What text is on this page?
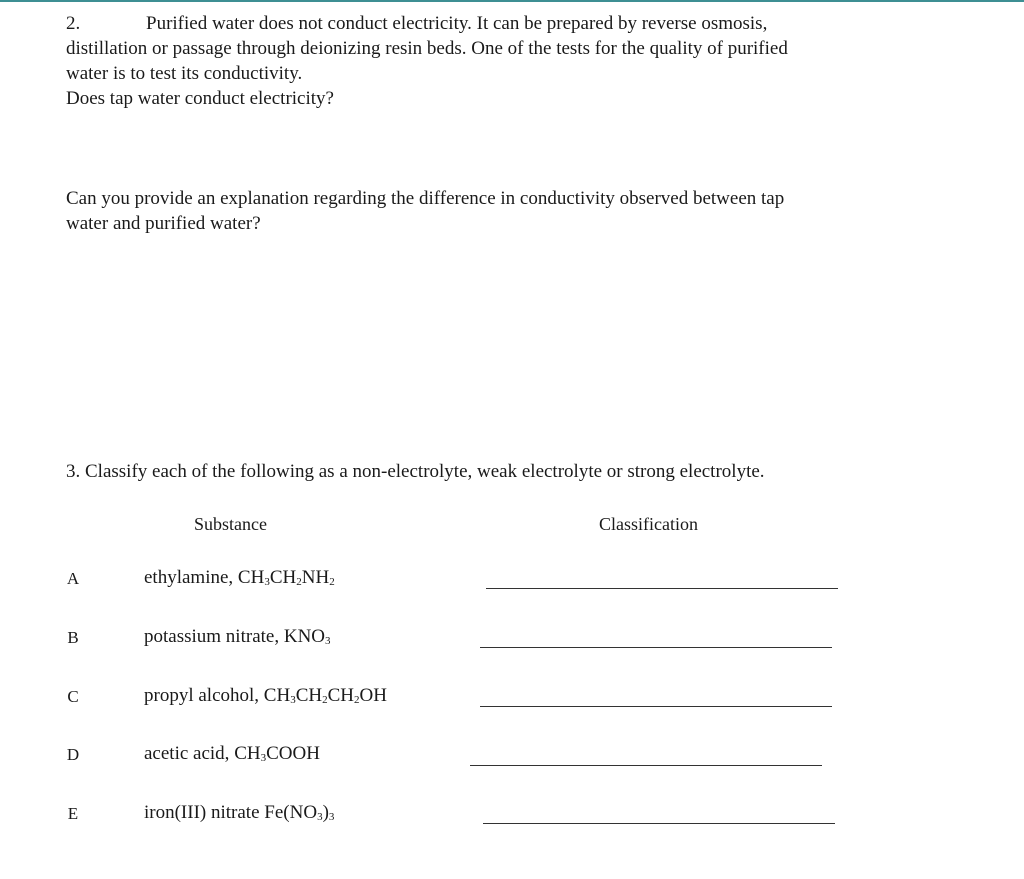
2.	Purified water does not conduct electricity. It can be prepared by reverse osmosis,

distillation or passage through deionizing resin beds. One of the tests for the quality of purified
water is to test its conductivity.
Does tap water conduct electricity?

Can you provide an explanation regarding the difference in conductivity observed between tap
water and purified water?

3. Classify each of the following as a non-electrolyte, weak electrolyte or strong electrolyte.
Substance	Classification
A	ethylamine, $CH_3CH_2NH_2$
B	potassium nitrate, $KNO_3$
C	propyl alcohol, $CH_3CH_2CH_2OH$
D	acetic acid, $CH_3COOH$
E	iron(III) nitrate $Fe(NO_3)_3$
